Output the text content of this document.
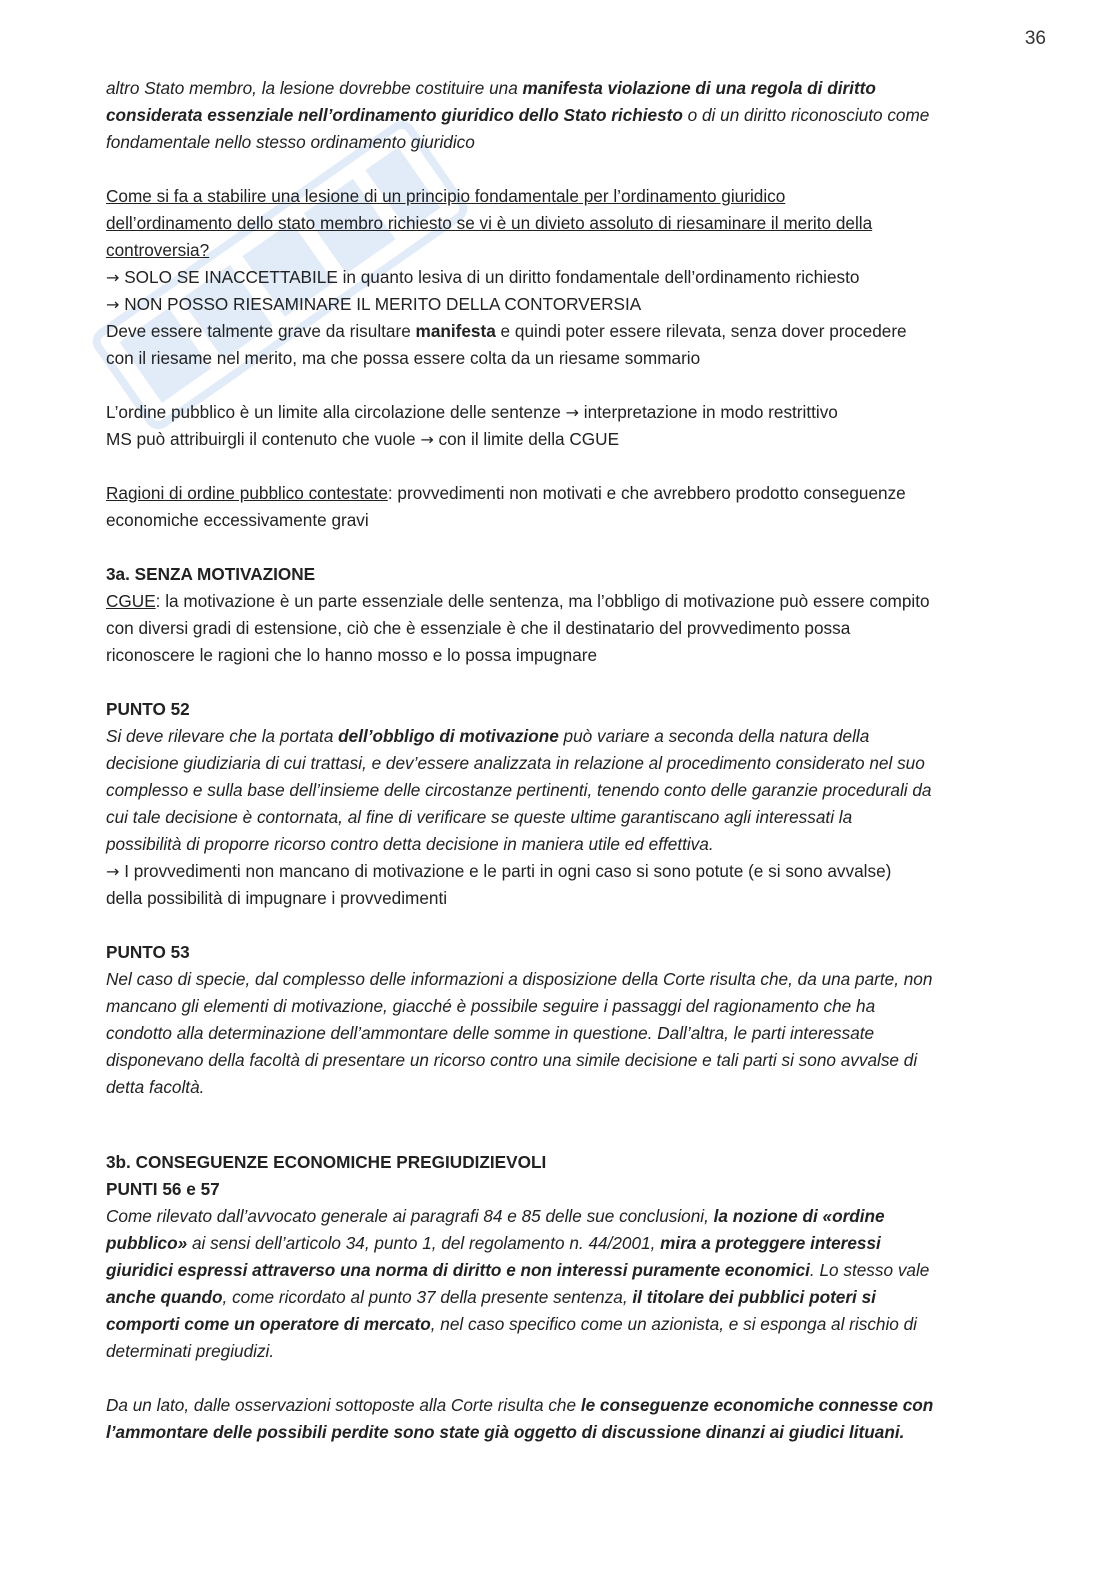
36
altro Stato membro, la lesione dovrebbe costituire una manifesta violazione di una regola di diritto
considerata essenziale nell’ordinamento giuridico dello Stato richiesto o di un diritto riconosciuto come
fondamentale nello stesso ordinamento giuridico
Come si fa a stabilire una lesione di un principio fondamentale per l’ordinamento giuridico
dell’ordinamento dello stato membro richiesto se vi è un divieto assoluto di riesaminare il merito della
controversia?
→ SOLO SE INACCETTABILE in quanto lesiva di un diritto fondamentale dell’ordinamento richiesto
→ NON POSSO RIESAMINARE IL MERITO DELLA CONTORVERSIA
Deve essere talmente grave da risultare manifesta e quindi poter essere rilevata, senza dover procedere
con il riesame nel merito, ma che possa essere colta da un riesame sommario
L’ordine pubblico è un limite alla circolazione delle sentenze → interpretazione in modo restrittivo
MS può attribuirgli il contenuto che vuole → con il limite della CGUE
Ragioni di ordine pubblico contestate: provvedimenti non motivati e che avrebbero prodotto conseguenze
economiche eccessivamente gravi
3a. SENZA MOTIVAZIONE
CGUE: la motivazione è un parte essenziale delle sentenza, ma l’obbligo di motivazione può essere compito
con diversi gradi di estensione, ciò che è essenziale è che il destinatario del provvedimento possa
riconoscere le ragioni che lo hanno mosso e lo possa impugnare
PUNTO 52
Si deve rilevare che la portata dell’obbligo di motivazione può variare a seconda della natura della
decisione giudiziaria di cui trattasi, e dev’essere analizzata in relazione al procedimento considerato nel suo
complesso e sulla base dell’insieme delle circostanze pertinenti, tenendo conto delle garanzie procedurali da
cui tale decisione è contornata, al fine di verificare se queste ultime garantiscano agli interessati la
possibilità di proporre ricorso contro detta decisione in maniera utile ed effettiva.
→ I provvedimenti non mancano di motivazione e le parti in ogni caso si sono potute (e si sono avvalse)
della possibilità di impugnare i provvedimenti
PUNTO 53
Nel caso di specie, dal complesso delle informazioni a disposizione della Corte risulta che, da una parte, non
mancano gli elementi di motivazione, giacché è possibile seguire i passaggi del ragionamento che ha
condotto alla determinazione dell’ammontare delle somme in questione. Dall’altra, le parti interessate
disponevano della facoltà di presentare un ricorso contro una simile decisione e tali parti si sono avvalse di
detta facoltà.
3b. CONSEGUENZE ECONOMICHE PREGIUDIZIEVOLI
PUNTI 56 e 57
Come rilevato dall’avvocato generale ai paragrafi 84 e 85 delle sue conclusioni, la nozione di «ordine
pubblico» ai sensi dell’articolo 34, punto 1, del regolamento n. 44/2001, mira a proteggere interessi
giuridici espressi attraverso una norma di diritto e non interessi puramente economici. Lo stesso vale
anche quando, come ricordato al punto 37 della presente sentenza, il titolare dei pubblici poteri si
comporti come un operatore di mercato, nel caso specifico come un azionista, e si esponga al rischio di
determinati pregiudizi.
Da un lato, dalle osservazioni sottoposte alla Corte risulta che le conseguenze economiche connesse con
l’ammontare delle possibili perdite sono state già oggetto di discussione dinanzi ai giudici lituani.
